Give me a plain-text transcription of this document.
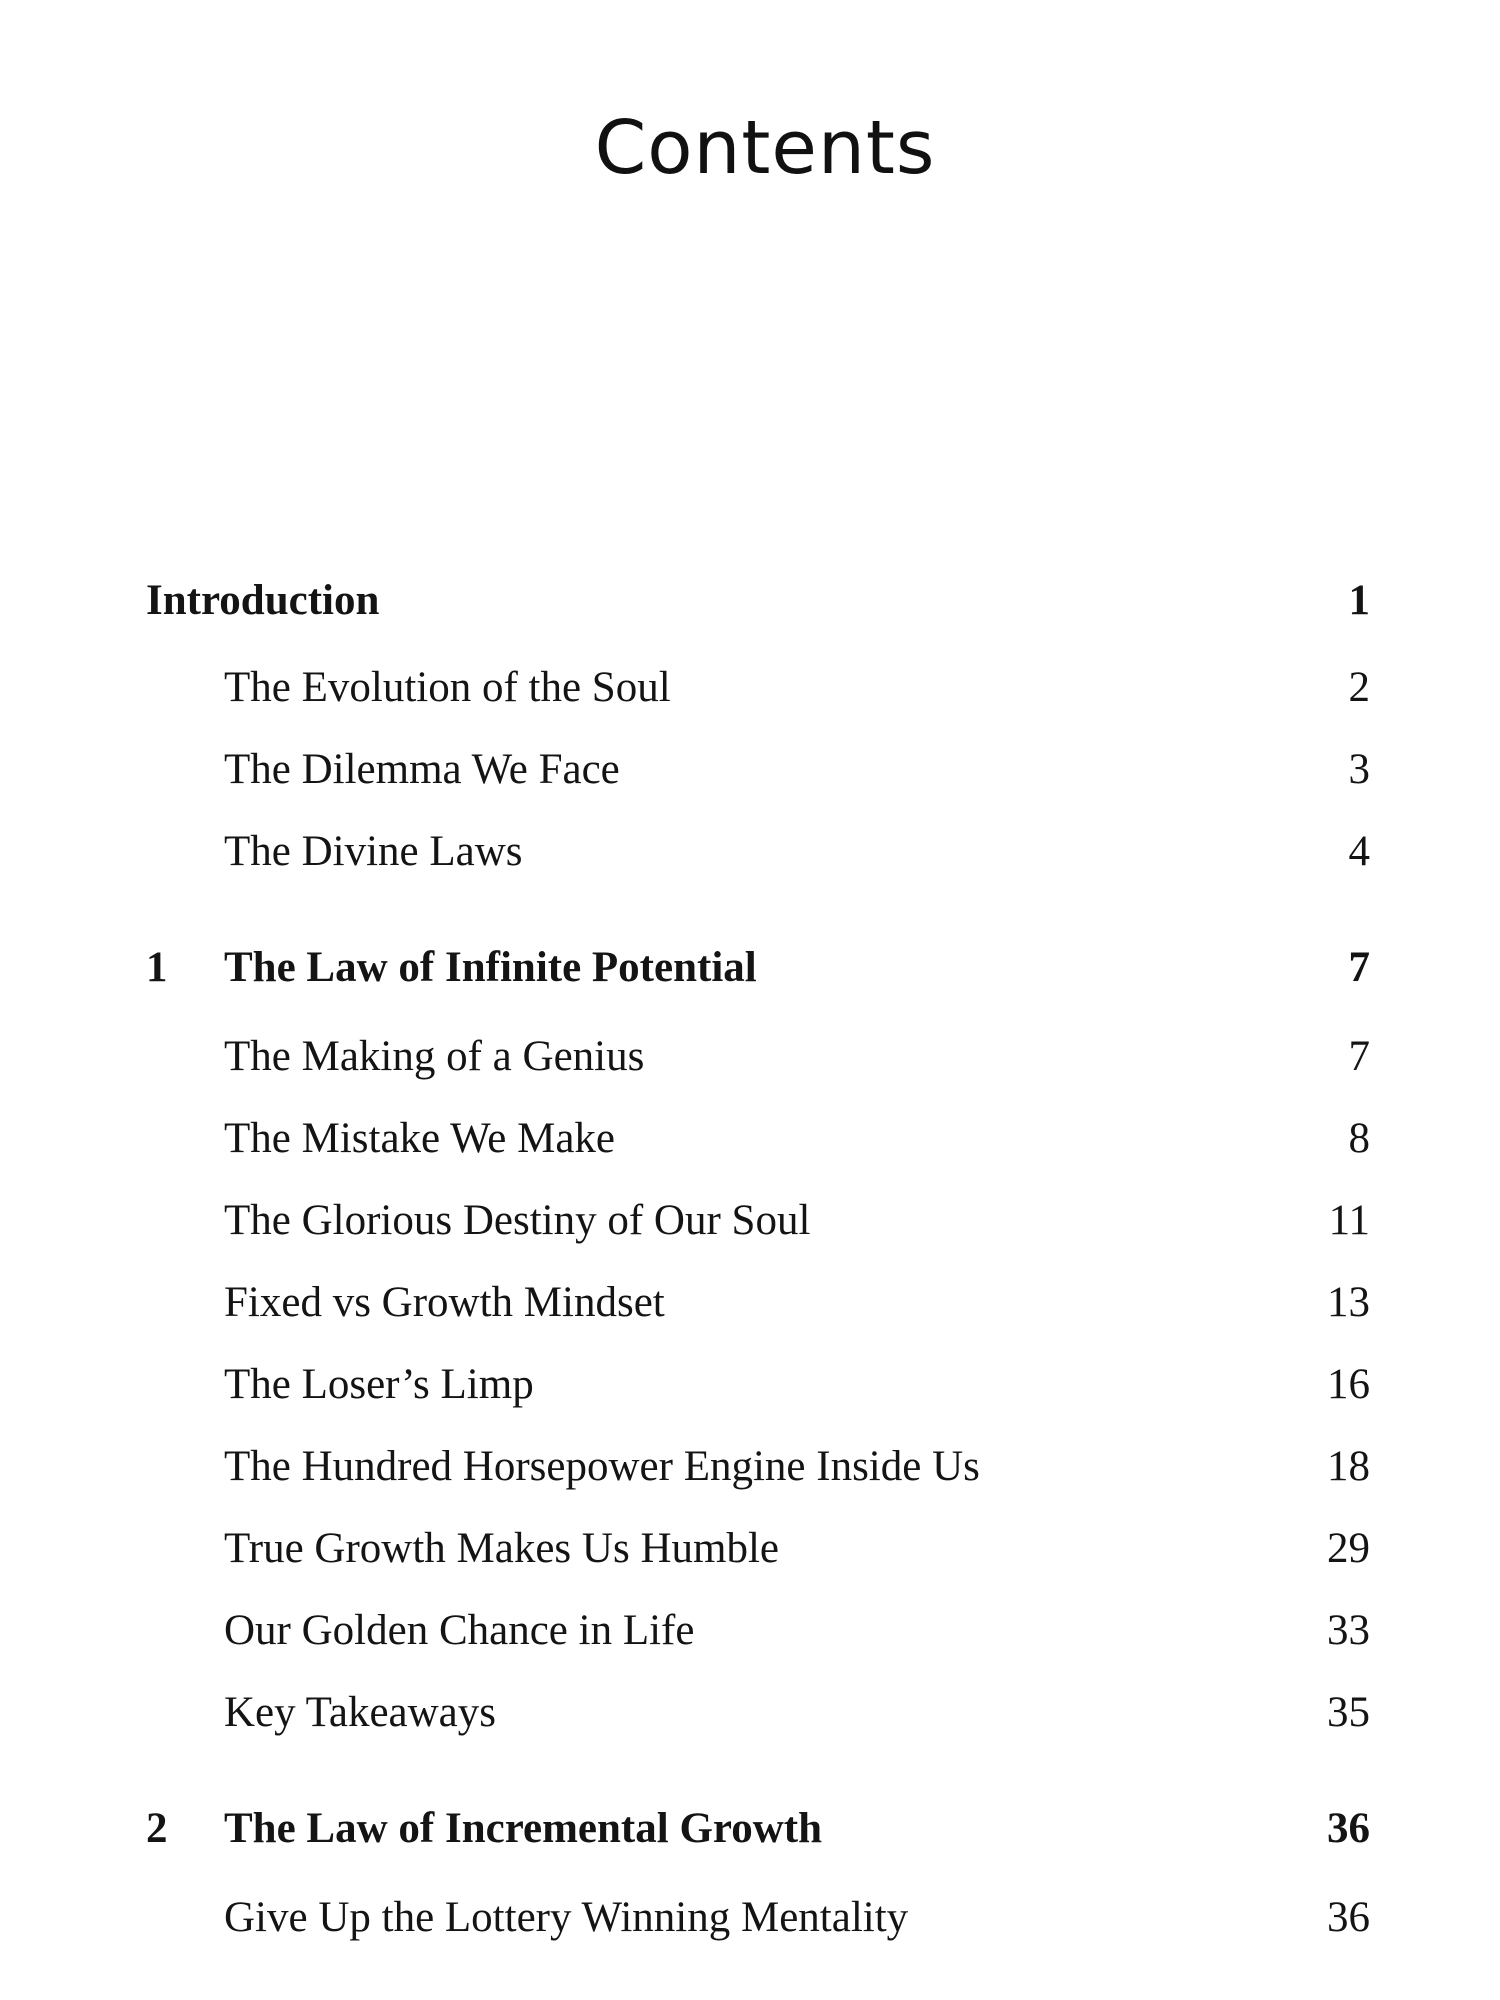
Contents
Introduction	1
The Evolution of the Soul	2
The Dilemma We Face	3
The Divine Laws	4
1 The Law of Infinite Potential	7
The Making of a Genius	7
The Mistake We Make	8
The Glorious Destiny of Our Soul	11
Fixed vs Growth Mindset	13
The Loser’s Limp	16
The Hundred Horsepower Engine Inside Us	18
True Growth Makes Us Humble	29
Our Golden Chance in Life	33
Key Takeaways	35
2 The Law of Incremental Growth	36
Give Up the Lottery Winning Mentality	36
